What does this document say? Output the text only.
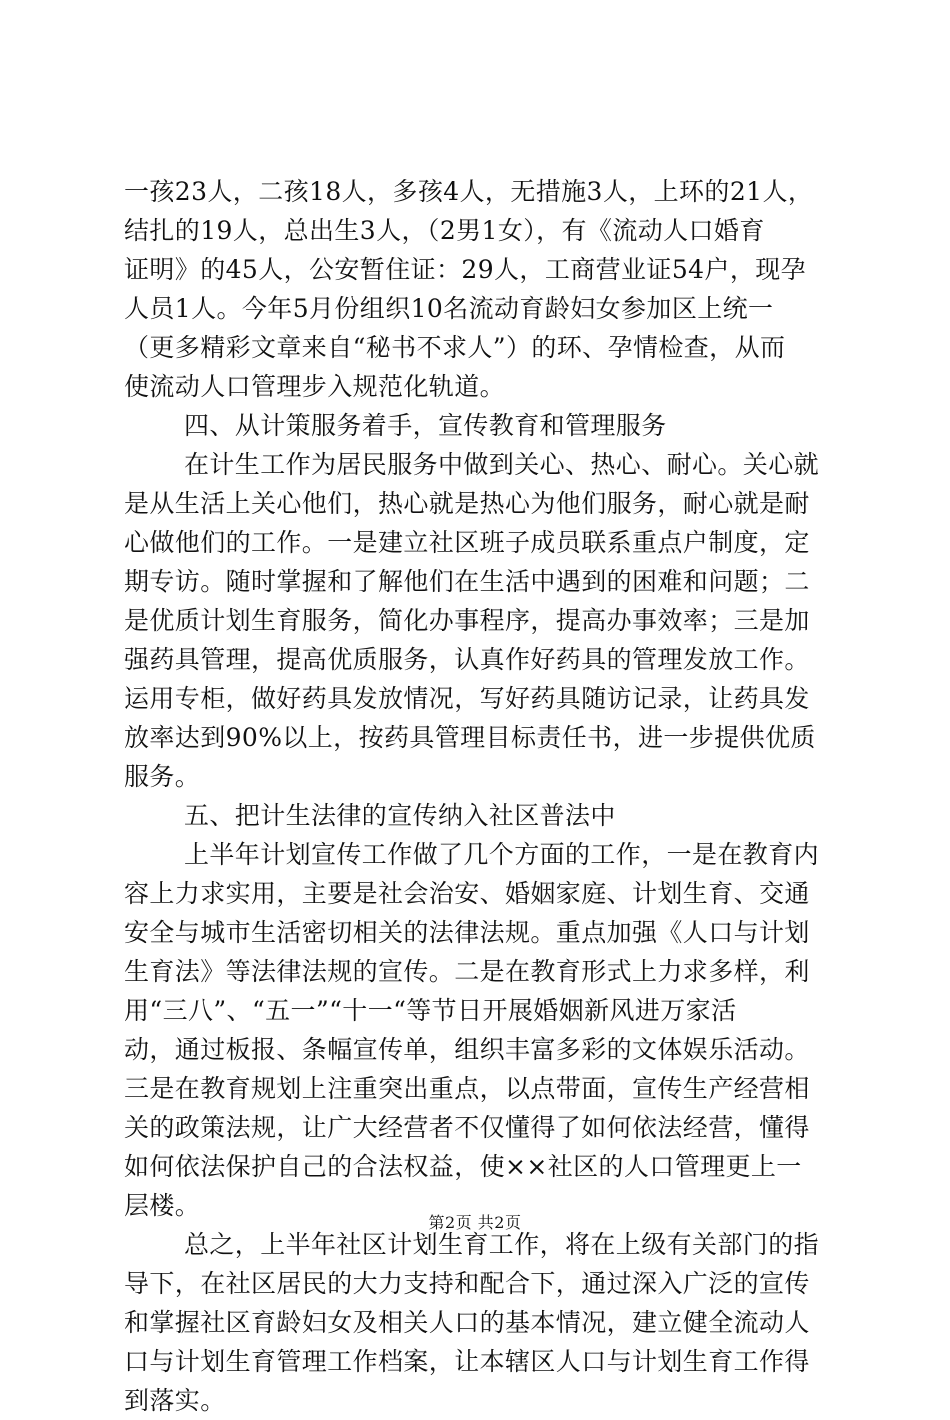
一孩23人，二孩18人，多孩4人，无措施3人，上环的21人，
结扎的19人，总出生3人，（2男1女），有《流动人口婚育
证明》的45人，公安暂住证：29人，工商营业证54户，现孕
人员1人。今年5月份组织10名流动育龄妇女参加区上统一
（更多精彩文章来自“秘书不求人”）的环、孕情检查，从而
使流动人口管理步入规范化轨道。
四、从计策服务着手，宣传教育和管理服务
在计生工作为居民服务中做到关心、热心、耐心。关心就
是从生活上关心他们，热心就是热心为他们服务，耐心就是耐
心做他们的工作。一是建立社区班子成员联系重点户制度，定
期专访。随时掌握和了解他们在生活中遇到的困难和问题；二
是优质计划生育服务，简化办事程序，提高办事效率；三是加
强药具管理，提高优质服务，认真作好药具的管理发放工作。
运用专柜，做好药具发放情况，写好药具随访记录，让药具发
放率达到90%以上，按药具管理目标责任书，进一步提供优质
服务。
五、把计生法律的宣传纳入社区普法中
上半年计划宣传工作做了几个方面的工作，一是在教育内
容上力求实用，主要是社会治安、婚姻家庭、计划生育、交通
安全与城市生活密切相关的法律法规。重点加强《人口与计划
生育法》等法律法规的宣传。二是在教育形式上力求多样，利
用“三八”、“五一”“十一“等节日开展婚姻新风进万家活
动，通过板报、条幅宣传单，组织丰富多彩的文体娱乐活动。
三是在教育规划上注重突出重点，以点带面，宣传生产经营相
关的政策法规，让广大经营者不仅懂得了如何依法经营，懂得
如何依法保护自己的合法权益，使××社区的人口管理更上一
层楼。
总之，上半年社区计划生育工作，将在上级有关部门的指
导下，在社区居民的大力支持和配合下，通过深入广泛的宣传
和掌握社区育龄妇女及相关人口的基本情况，建立健全流动人
口与计划生育管理工作档案，让本辖区人口与计划生育工作得
到落实。
第2页 共2页
